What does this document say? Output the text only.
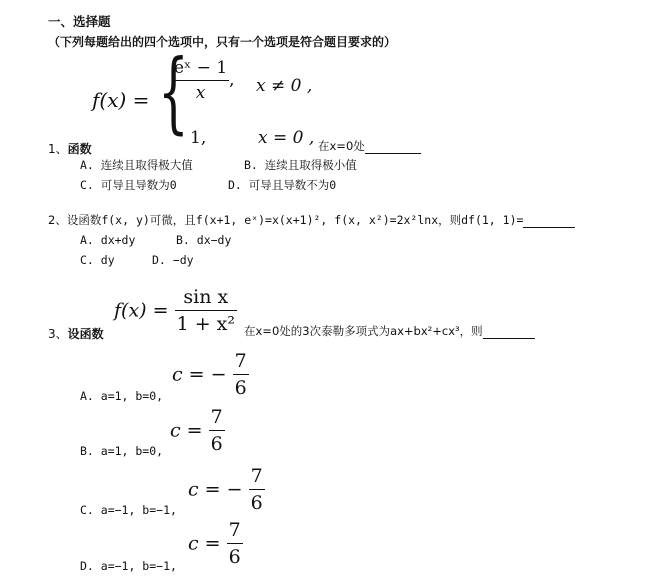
一、选择题
（下列每题给出的四个选项中，只有一个选项是符合题目要求的）
f(x) = {
$\frac{\text{eˣ − 1}}{x}$ , x ≠ 0 ,
1,	x = 0 , 在x=0处
1、函数
A. 连续且取得极大值	B. 连续且取得极小值
C. 可导且导数为0	D. 可导且导数不为0
2、设函数f(x, y)可微，且f(x+1, eˣ)=x(x+1)², f(x, x²)=2x²lnx，则df(1, 1)=
A. dx+dy	B. dx−dy
C. dy	D. −dy
$f(x) = \frac{\text{sin x}}{\text{1 + x²}}$
3、设函数	在x=0处的3次泰勒多项式为ax+bx²+cx³，则
A. a=1, b=0,
c = − $\frac{7}{6}$
B. a=1, b=0,
$c = \frac{7}{6}$
C. a=−1, b=−1,
c = − $\frac{7}{6}$
D. a=−1, b=−1,
$c = \frac{7}{6}$
